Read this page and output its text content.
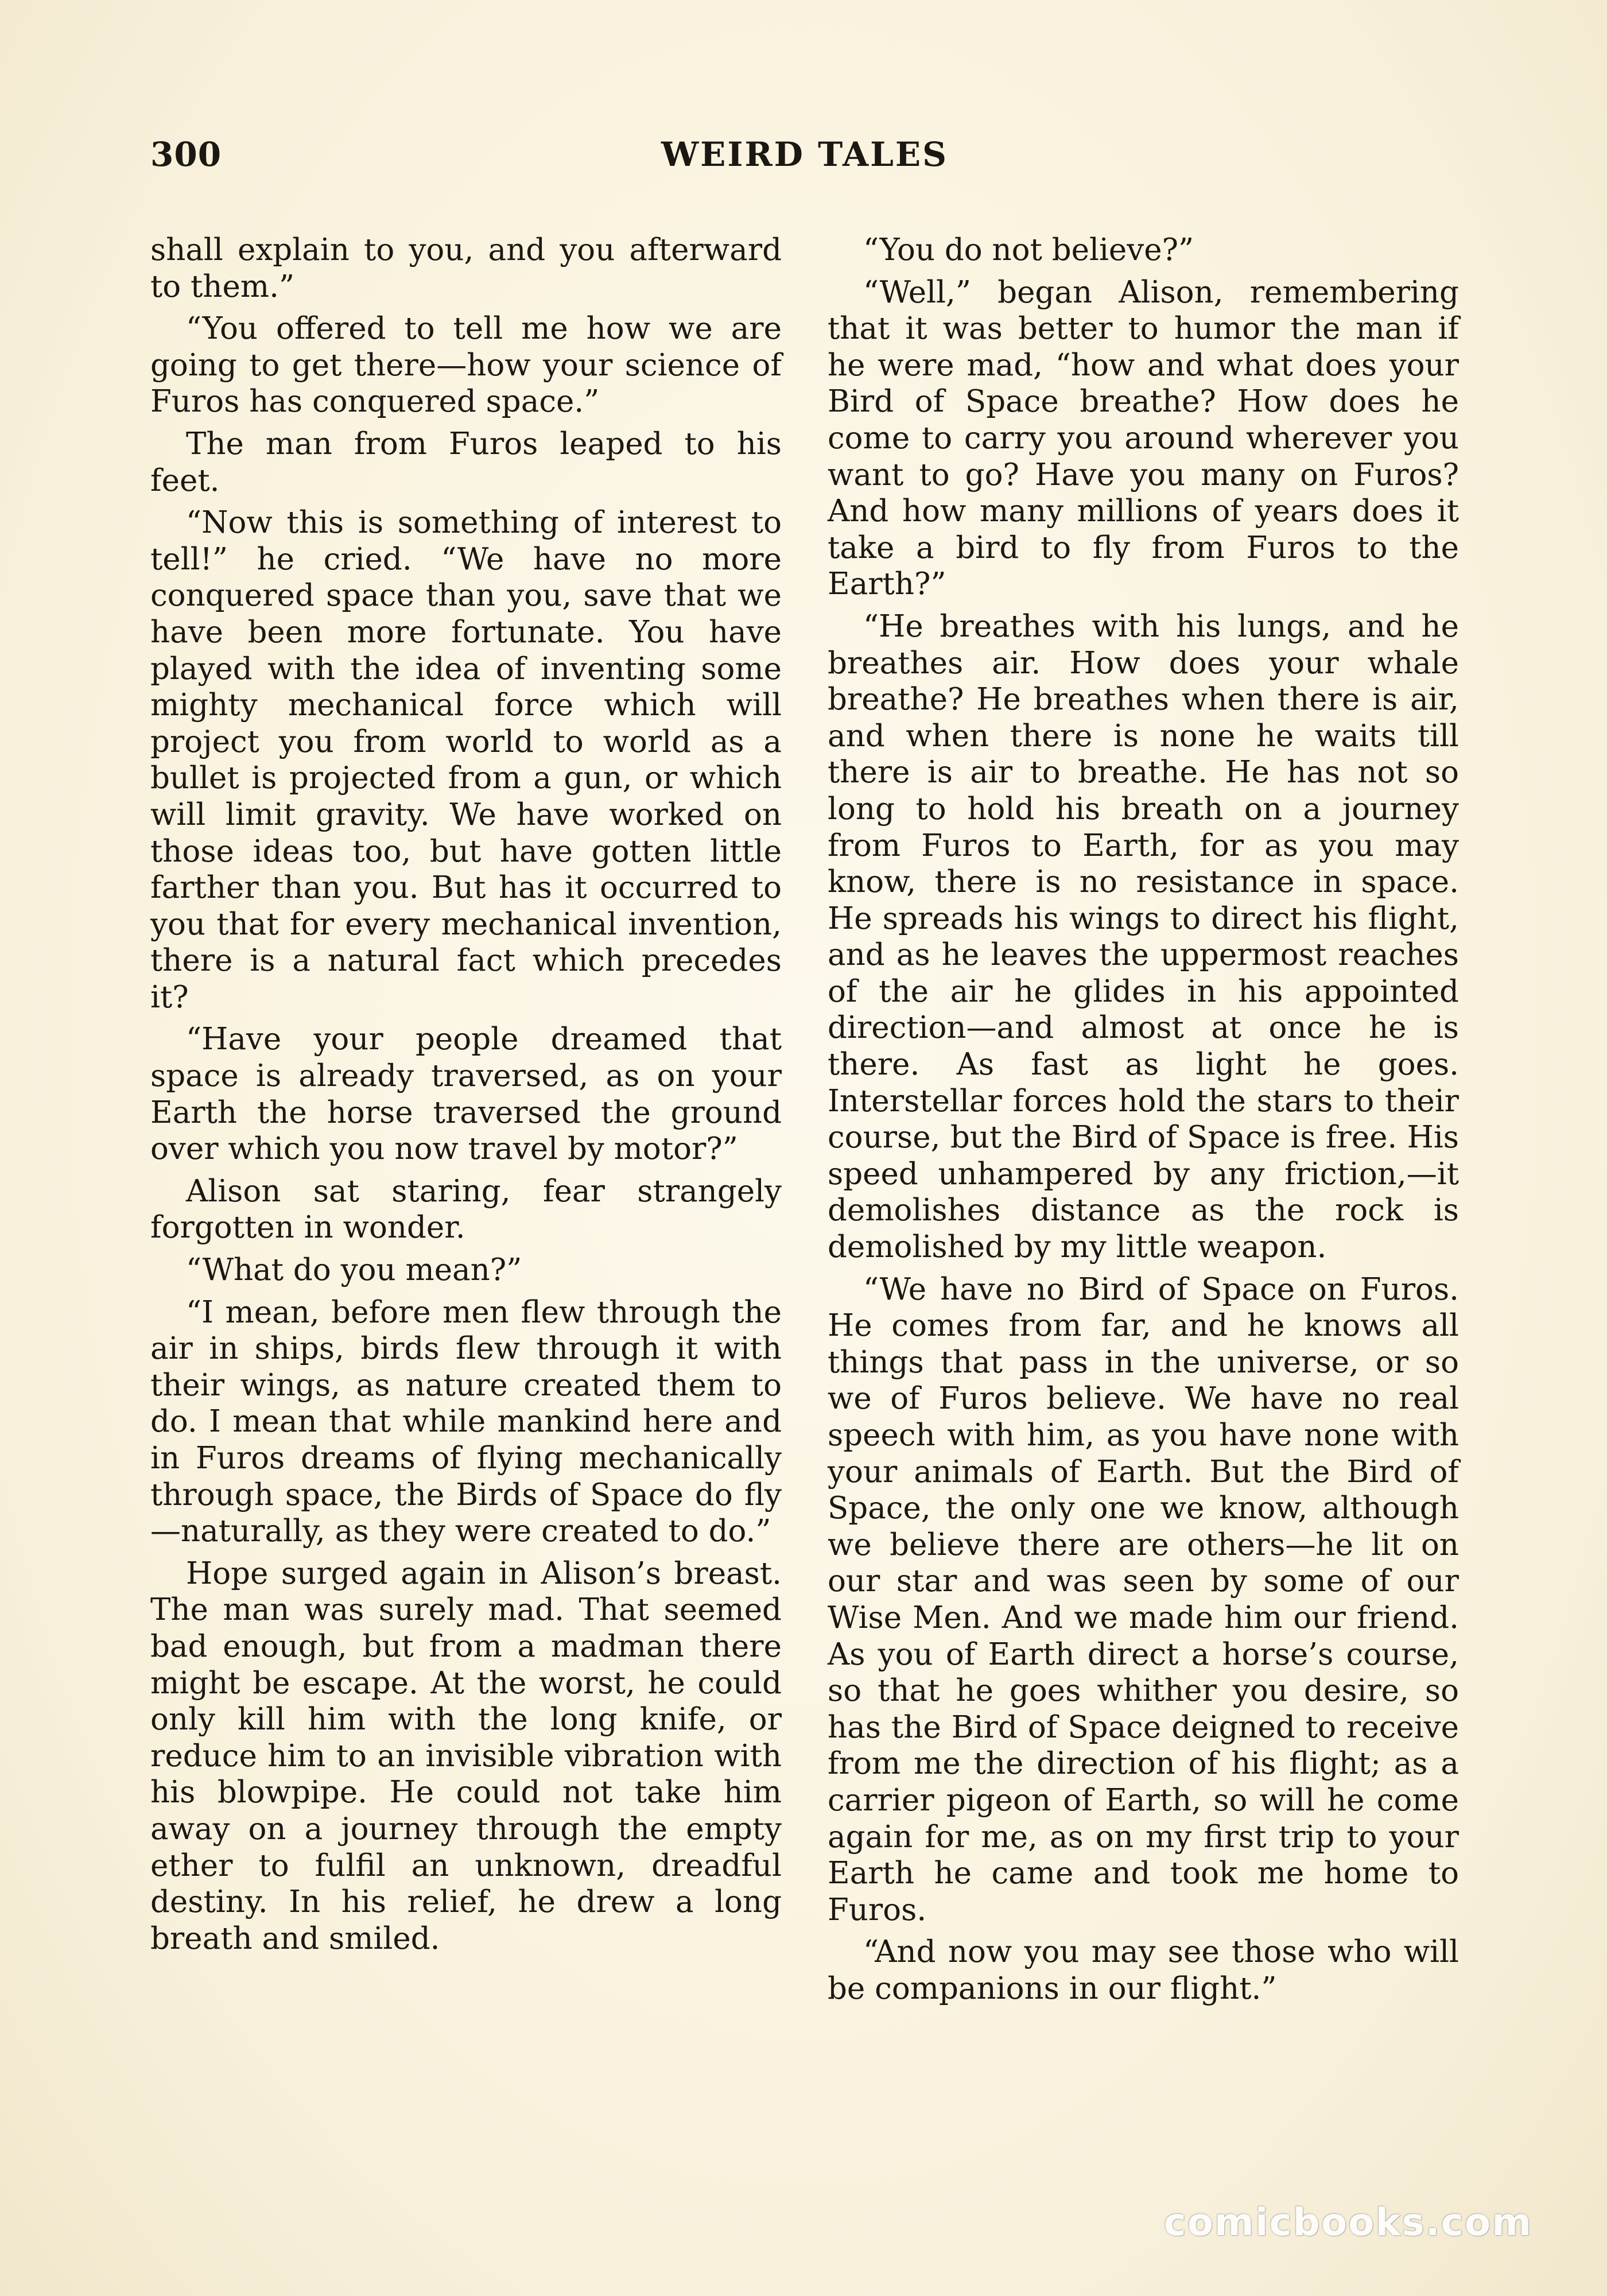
300	WEIRD TALES

shall explain to you, and you afterward to them.”

“You offered to tell me how we are going to get there—how your science of Furos has conquered space.”

The man from Furos leaped to his feet.

“Now this is something of interest to tell!” he cried. “We have no more conquered space than you, save that we have been more fortunate. You have played with the idea of inventing some mighty mechanical force which will project you from world to world as a bullet is projected from a gun, or which will limit gravity. We have worked on those ideas too, but have gotten little farther than you. But has it occurred to you that for every mechanical invention, there is a natural fact which precedes it?

“Have your people dreamed that space is already traversed, as on your Earth the horse traversed the ground over which you now travel by motor?”

Alison sat staring, fear strangely forgotten in wonder.

“What do you mean?”

“I mean, before men flew through the air in ships, birds flew through it with their wings, as nature created them to do. I mean that while mankind here and in Furos dreams of flying mechanically through space, the Birds of Space do fly—naturally, as they were created to do.”

Hope surged again in Alison’s breast. The man was surely mad. That seemed bad enough, but from a madman there might be escape. At the worst, he could only kill him with the long knife, or reduce him to an invisible vibration with his blowpipe. He could not take him away on a journey through the empty ether to fulfil an unknown, dreadful destiny. In his relief, he drew a long breath and smiled.

“You do not believe?”

“Well,” began Alison, remembering that it was better to humor the man if he were mad, “how and what does your Bird of Space breathe? How does he come to carry you around wherever you want to go? Have you many on Furos? And how many millions of years does it take a bird to fly from Furos to the Earth?”

“He breathes with his lungs, and he breathes air. How does your whale breathe? He breathes when there is air, and when there is none he waits till there is air to breathe. He has not so long to hold his breath on a journey from Furos to Earth, for as you may know, there is no resistance in space. He spreads his wings to direct his flight, and as he leaves the uppermost reaches of the air he glides in his appointed direction—and almost at once he is there. As fast as light he goes. Interstellar forces hold the stars to their course, but the Bird of Space is free. His speed unhampered by any friction,—it demolishes distance as the rock is demolished by my little weapon.

“We have no Bird of Space on Furos. He comes from far, and he knows all things that pass in the universe, or so we of Furos believe. We have no real speech with him, as you have none with your animals of Earth. But the Bird of Space, the only one we know, although we believe there are others—he lit on our star and was seen by some of our Wise Men. And we made him our friend. As you of Earth direct a horse’s course, so that he goes whither you desire, so has the Bird of Space deigned to receive from me the direction of his flight; as a carrier pigeon of Earth, so will he come again for me, as on my first trip to your Earth he came and took me home to Furos.

“And now you may see those who will be companions in our flight.”

comicbooks.com
